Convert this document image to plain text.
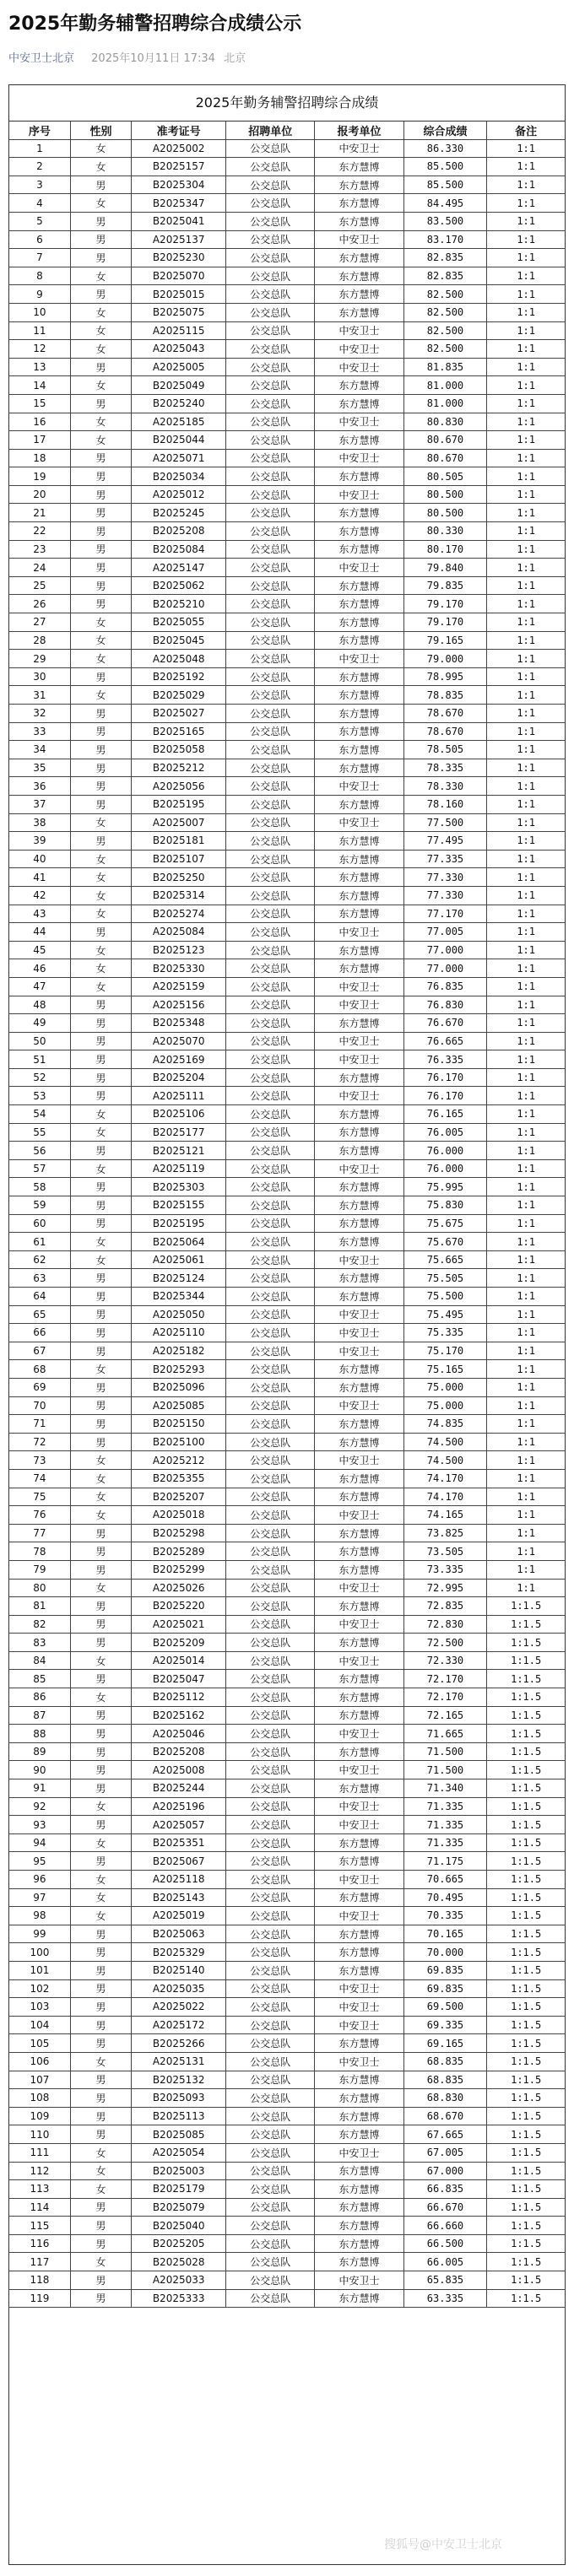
2025年勤务辅警招聘综合成绩公示
中安卫士北京 2025年10月11日 17:34 北京
2025年勤务辅警招聘综合成绩
序号	性别	准考证号	招聘单位	报考单位	综合成绩	备注
1	女	A2025002	公交总队	中安卫士	86.330	1:1
2	女	B2025157	公交总队	东方慧博	85.500	1:1
3	男	B2025304	公交总队	东方慧博	85.500	1:1
4	女	B2025347	公交总队	东方慧博	84.495	1:1
5	男	B2025041	公交总队	东方慧博	83.500	1:1
6	男	A2025137	公交总队	中安卫士	83.170	1:1
7	男	B2025230	公交总队	东方慧博	82.835	1:1
8	女	B2025070	公交总队	东方慧博	82.835	1:1
9	男	B2025015	公交总队	东方慧博	82.500	1:1
10	女	B2025075	公交总队	东方慧博	82.500	1:1
11	女	A2025115	公交总队	中安卫士	82.500	1:1
12	女	A2025043	公交总队	中安卫士	82.500	1:1
13	男	A2025005	公交总队	中安卫士	81.835	1:1
14	女	B2025049	公交总队	东方慧博	81.000	1:1
15	男	B2025240	公交总队	东方慧博	81.000	1:1
16	女	A2025185	公交总队	中安卫士	80.830	1:1
17	女	B2025044	公交总队	东方慧博	80.670	1:1
18	男	A2025071	公交总队	中安卫士	80.670	1:1
19	男	B2025034	公交总队	东方慧博	80.505	1:1
20	男	A2025012	公交总队	中安卫士	80.500	1:1
21	男	B2025245	公交总队	东方慧博	80.500	1:1
22	男	B2025208	公交总队	东方慧博	80.330	1:1
23	男	B2025084	公交总队	东方慧博	80.170	1:1
24	男	A2025147	公交总队	中安卫士	79.840	1:1
25	男	B2025062	公交总队	东方慧博	79.835	1:1
26	男	B2025210	公交总队	东方慧博	79.170	1:1
27	女	B2025055	公交总队	东方慧博	79.170	1:1
28	女	B2025045	公交总队	东方慧博	79.165	1:1
29	女	A2025048	公交总队	中安卫士	79.000	1:1
30	男	B2025192	公交总队	东方慧博	78.995	1:1
31	女	B2025029	公交总队	东方慧博	78.835	1:1
32	男	B2025027	公交总队	东方慧博	78.670	1:1
33	男	B2025165	公交总队	东方慧博	78.670	1:1
34	男	B2025058	公交总队	东方慧博	78.505	1:1
35	男	B2025212	公交总队	东方慧博	78.335	1:1
36	男	A2025056	公交总队	中安卫士	78.330	1:1
37	男	B2025195	公交总队	东方慧博	78.160	1:1
38	女	A2025007	公交总队	中安卫士	77.500	1:1
39	男	B2025181	公交总队	东方慧博	77.495	1:1
40	女	B2025107	公交总队	东方慧博	77.335	1:1
41	女	B2025250	公交总队	东方慧博	77.330	1:1
42	女	B2025314	公交总队	东方慧博	77.330	1:1
43	女	B2025274	公交总队	东方慧博	77.170	1:1
44	男	A2025084	公交总队	中安卫士	77.005	1:1
45	女	B2025123	公交总队	东方慧博	77.000	1:1
46	女	B2025330	公交总队	东方慧博	77.000	1:1
47	女	A2025159	公交总队	中安卫士	76.835	1:1
48	男	A2025156	公交总队	中安卫士	76.830	1:1
49	男	B2025348	公交总队	东方慧博	76.670	1:1
50	男	A2025070	公交总队	中安卫士	76.665	1:1
51	男	A2025169	公交总队	中安卫士	76.335	1:1
52	男	B2025204	公交总队	东方慧博	76.170	1:1
53	男	A2025111	公交总队	中安卫士	76.170	1:1
54	女	B2025106	公交总队	东方慧博	76.165	1:1
55	女	B2025177	公交总队	东方慧博	76.005	1:1
56	男	B2025121	公交总队	东方慧博	76.000	1:1
57	女	A2025119	公交总队	中安卫士	76.000	1:1
58	男	B2025303	公交总队	东方慧博	75.995	1:1
59	男	B2025155	公交总队	东方慧博	75.830	1:1
60	男	B2025195	公交总队	东方慧博	75.675	1:1
61	女	B2025064	公交总队	东方慧博	75.670	1:1
62	女	A2025061	公交总队	中安卫士	75.665	1:1
63	男	B2025124	公交总队	东方慧博	75.505	1:1
64	男	B2025344	公交总队	东方慧博	75.500	1:1
65	男	A2025050	公交总队	中安卫士	75.495	1:1
66	男	A2025110	公交总队	中安卫士	75.335	1:1
67	男	A2025182	公交总队	中安卫士	75.170	1:1
68	女	B2025293	公交总队	东方慧博	75.165	1:1
69	男	B2025096	公交总队	东方慧博	75.000	1:1
70	男	A2025085	公交总队	中安卫士	75.000	1:1
71	男	B2025150	公交总队	东方慧博	74.835	1:1
72	男	B2025100	公交总队	东方慧博	74.500	1:1
73	女	A2025212	公交总队	中安卫士	74.500	1:1
74	女	B2025355	公交总队	东方慧博	74.170	1:1
75	女	B2025207	公交总队	东方慧博	74.170	1:1
76	女	A2025018	公交总队	中安卫士	74.165	1:1
77	男	B2025298	公交总队	东方慧博	73.825	1:1
78	男	B2025289	公交总队	东方慧博	73.505	1:1
79	男	B2025299	公交总队	东方慧博	73.335	1:1
80	女	A2025026	公交总队	中安卫士	72.995	1:1
81	男	B2025220	公交总队	东方慧博	72.835	1:1.5
82	男	A2025021	公交总队	中安卫士	72.830	1:1.5
83	男	B2025209	公交总队	东方慧博	72.500	1:1.5
84	女	A2025014	公交总队	中安卫士	72.330	1:1.5
85	男	B2025047	公交总队	东方慧博	72.170	1:1.5
86	女	B2025112	公交总队	东方慧博	72.170	1:1.5
87	男	B2025162	公交总队	东方慧博	72.165	1:1.5
88	男	A2025046	公交总队	中安卫士	71.665	1:1.5
89	男	B2025208	公交总队	东方慧博	71.500	1:1.5
90	男	A2025008	公交总队	中安卫士	71.500	1:1.5
91	男	B2025244	公交总队	东方慧博	71.340	1:1.5
92	女	A2025196	公交总队	中安卫士	71.335	1:1.5
93	男	A2025057	公交总队	中安卫士	71.335	1:1.5
94	女	B2025351	公交总队	东方慧博	71.335	1:1.5
95	男	B2025067	公交总队	东方慧博	71.175	1:1.5
96	女	A2025118	公交总队	中安卫士	70.665	1:1.5
97	女	B2025143	公交总队	东方慧博	70.495	1:1.5
98	女	A2025019	公交总队	中安卫士	70.335	1:1.5
99	男	B2025063	公交总队	东方慧博	70.165	1:1.5
100	男	B2025329	公交总队	东方慧博	70.000	1:1.5
101	男	B2025140	公交总队	东方慧博	69.835	1:1.5
102	男	A2025035	公交总队	中安卫士	69.835	1:1.5
103	男	A2025022	公交总队	中安卫士	69.500	1:1.5
104	男	A2025172	公交总队	中安卫士	69.335	1:1.5
105	男	B2025266	公交总队	东方慧博	69.165	1:1.5
106	女	A2025131	公交总队	中安卫士	68.835	1:1.5
107	男	B2025132	公交总队	东方慧博	68.835	1:1.5
108	男	B2025093	公交总队	东方慧博	68.830	1:1.5
109	男	B2025113	公交总队	东方慧博	68.670	1:1.5
110	男	B2025085	公交总队	东方慧博	67.665	1:1.5
111	女	A2025054	公交总队	中安卫士	67.005	1:1.5
112	女	B2025003	公交总队	东方慧博	67.000	1:1.5
113	女	B2025179	公交总队	东方慧博	66.835	1:1.5
114	男	B2025079	公交总队	东方慧博	66.670	1:1.5
115	男	B2025040	公交总队	东方慧博	66.660	1:1.5
116	男	B2025205	公交总队	东方慧博	66.500	1:1.5
117	女	B2025028	公交总队	东方慧博	66.005	1:1.5
118	男	A2025033	公交总队	中安卫士	65.835	1:1.5
119	男	B2025333	公交总队	东方慧博	63.335	1:1.5
搜狐号@中安卫士北京
